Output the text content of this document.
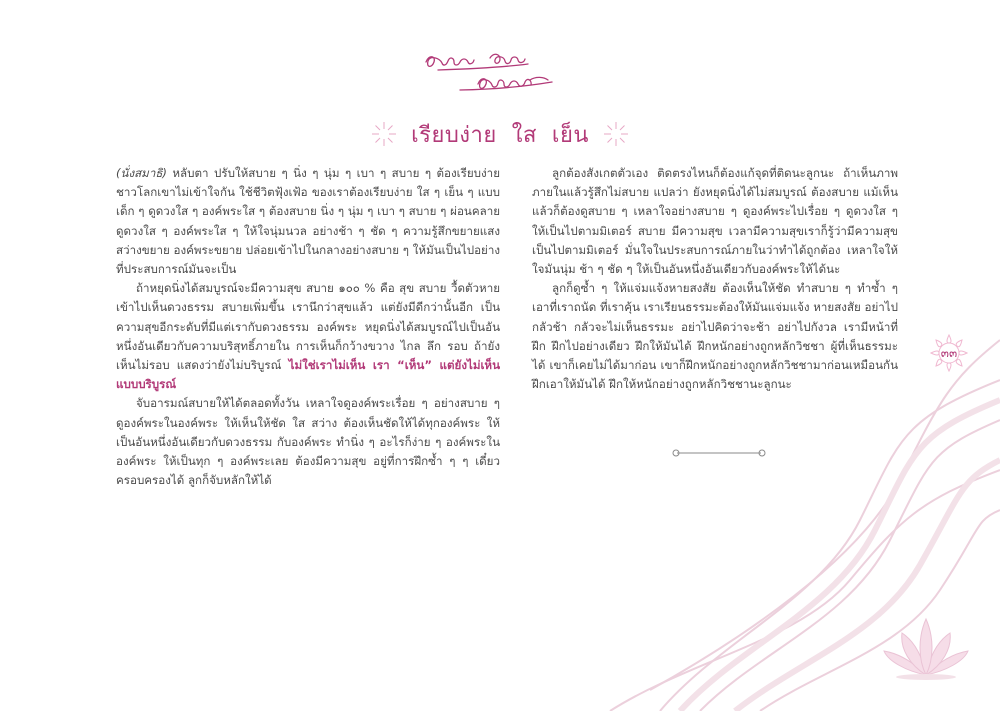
เรียบง่าย  ใส  เย็น

(นั่งสมาธิ) หลับตา ปรับให้สบาย ๆ นิ่ง ๆ นุ่ม ๆ เบา ๆ สบาย ๆ ต้องเรียบง่าย ชาวโลกเขาไม่เข้าใจกัน ใช้ชีวิตฟุ้งเฟ้อ ของเราต้องเรียบง่าย ใส ๆ เย็น ๆ แบบเด็ก ๆ ดูดวงใส ๆ องค์พระใส ๆ ต้องสบาย นิ่ง ๆ นุ่ม ๆ เบา ๆ สบาย ๆ ผ่อนคลาย ดูดวงใส ๆ องค์พระใส ๆ ให้ใจนุ่มนวล อย่างช้า ๆ ชัด ๆ ความรู้สึกขยายแสงสว่างขยาย องค์พระขยาย ปล่อยเข้าไปในกลางอย่างสบาย ๆ ให้มันเป็นไปอย่างที่ประสบการณ์มันจะเป็น

ถ้าหยุดนิ่งได้สมบูรณ์จะมีความสุข สบาย ๑๐๐ % คือ สุข สบาย วื้ดตัวหายเข้าไปเห็นดวงธรรม สบายเพิ่มขึ้น เรานึกว่าสุขแล้ว แต่ยังมีดีกว่านั้นอีก เป็นความสุขอีกระดับที่มีแต่เรากับดวงธรรม องค์พระ หยุดนิ่งได้สมบูรณ์ไปเป็นอันหนึ่งอันเดียวกับความบริสุทธิ์ภายใน การเห็นก็กว้างขวาง ไกล ลึก รอบ ถ้ายังเห็นไม่รอบ แสดงว่ายังไม่บริบูรณ์ ไม่ใช่เราไม่เห็น เรา “เห็น” แต่ยังไม่เห็นแบบบริบูรณ์

จับอารมณ์สบายให้ได้ตลอดทั้งวัน เหลาใจดูองค์พระเรื่อย ๆ อย่างสบาย ๆ ดูองค์พระในองค์พระ ให้เห็นให้ชัด ใส สว่าง ต้องเห็นชัดให้ได้ทุกองค์พระ ให้เป็นอันหนึ่งอันเดียวกับดวงธรรม กับองค์พระ ทำนิ่ง ๆ อะไรก็ง่าย ๆ องค์พระในองค์พระ ให้เป็นทุก ๆ องค์พระเลย ต้องมีความสุข อยู่ที่การฝึกซ้ำ ๆ ๆ เดี๋ยวครอบครองได้ ลูกก็จับหลักให้ได้

ลูกต้องสังเกตตัวเอง ติดตรงไหนก็ต้องแก้จุดที่ติดนะลูกนะ ถ้าเห็นภาพภายในแล้วรู้สึกไม่สบาย แปลว่า ยังหยุดนิ่งได้ไม่สมบูรณ์ ต้องสบาย แม้เห็นแล้วก็ต้องดูสบาย ๆ เหลาใจอย่างสบาย ๆ ดูองค์พระไปเรื่อย ๆ ดูดวงใส ๆ ให้เป็นไปตามมิเตอร์ สบาย มีความสุข เวลามีความสุขเราก็รู้ว่ามีความสุข เป็นไปตามมิเตอร์ มั่นใจในประสบการณ์ภายในว่าทำได้ถูกต้อง เหลาใจให้ใจมันนุ่ม ช้า ๆ ชัด ๆ ให้เป็นอันหนึ่งอันเดียวกับองค์พระให้ได้นะ

ลูกก็ดูซ้ำ ๆ ให้แจ่มแจ้งหายสงสัย ต้องเห็นให้ชัด ทำสบาย ๆ ทำซ้ำ ๆ เอาที่เราถนัด ที่เราคุ้น เราเรียนธรรมะต้องให้มันแจ่มแจ้ง หายสงสัย อย่าไปกลัวช้า กลัวจะไม่เห็นธรรมะ อย่าไปคิดว่าจะช้า อย่าไปกังวล เรามีหน้าที่ฝึก ฝึกไปอย่างเดียว ฝึกให้มันได้ ฝึกหนักอย่างถูกหลักวิชชา ผู้ที่เห็นธรรมะได้ เขาก็เคยไม่ได้มาก่อน เขาก็ฝึกหนักอย่างถูกหลักวิชชามาก่อนเหมือนกัน ฝึกเอาให้มันได้ ฝึกให้หนักอย่างถูกหลักวิชชานะลูกนะ

๓๓
